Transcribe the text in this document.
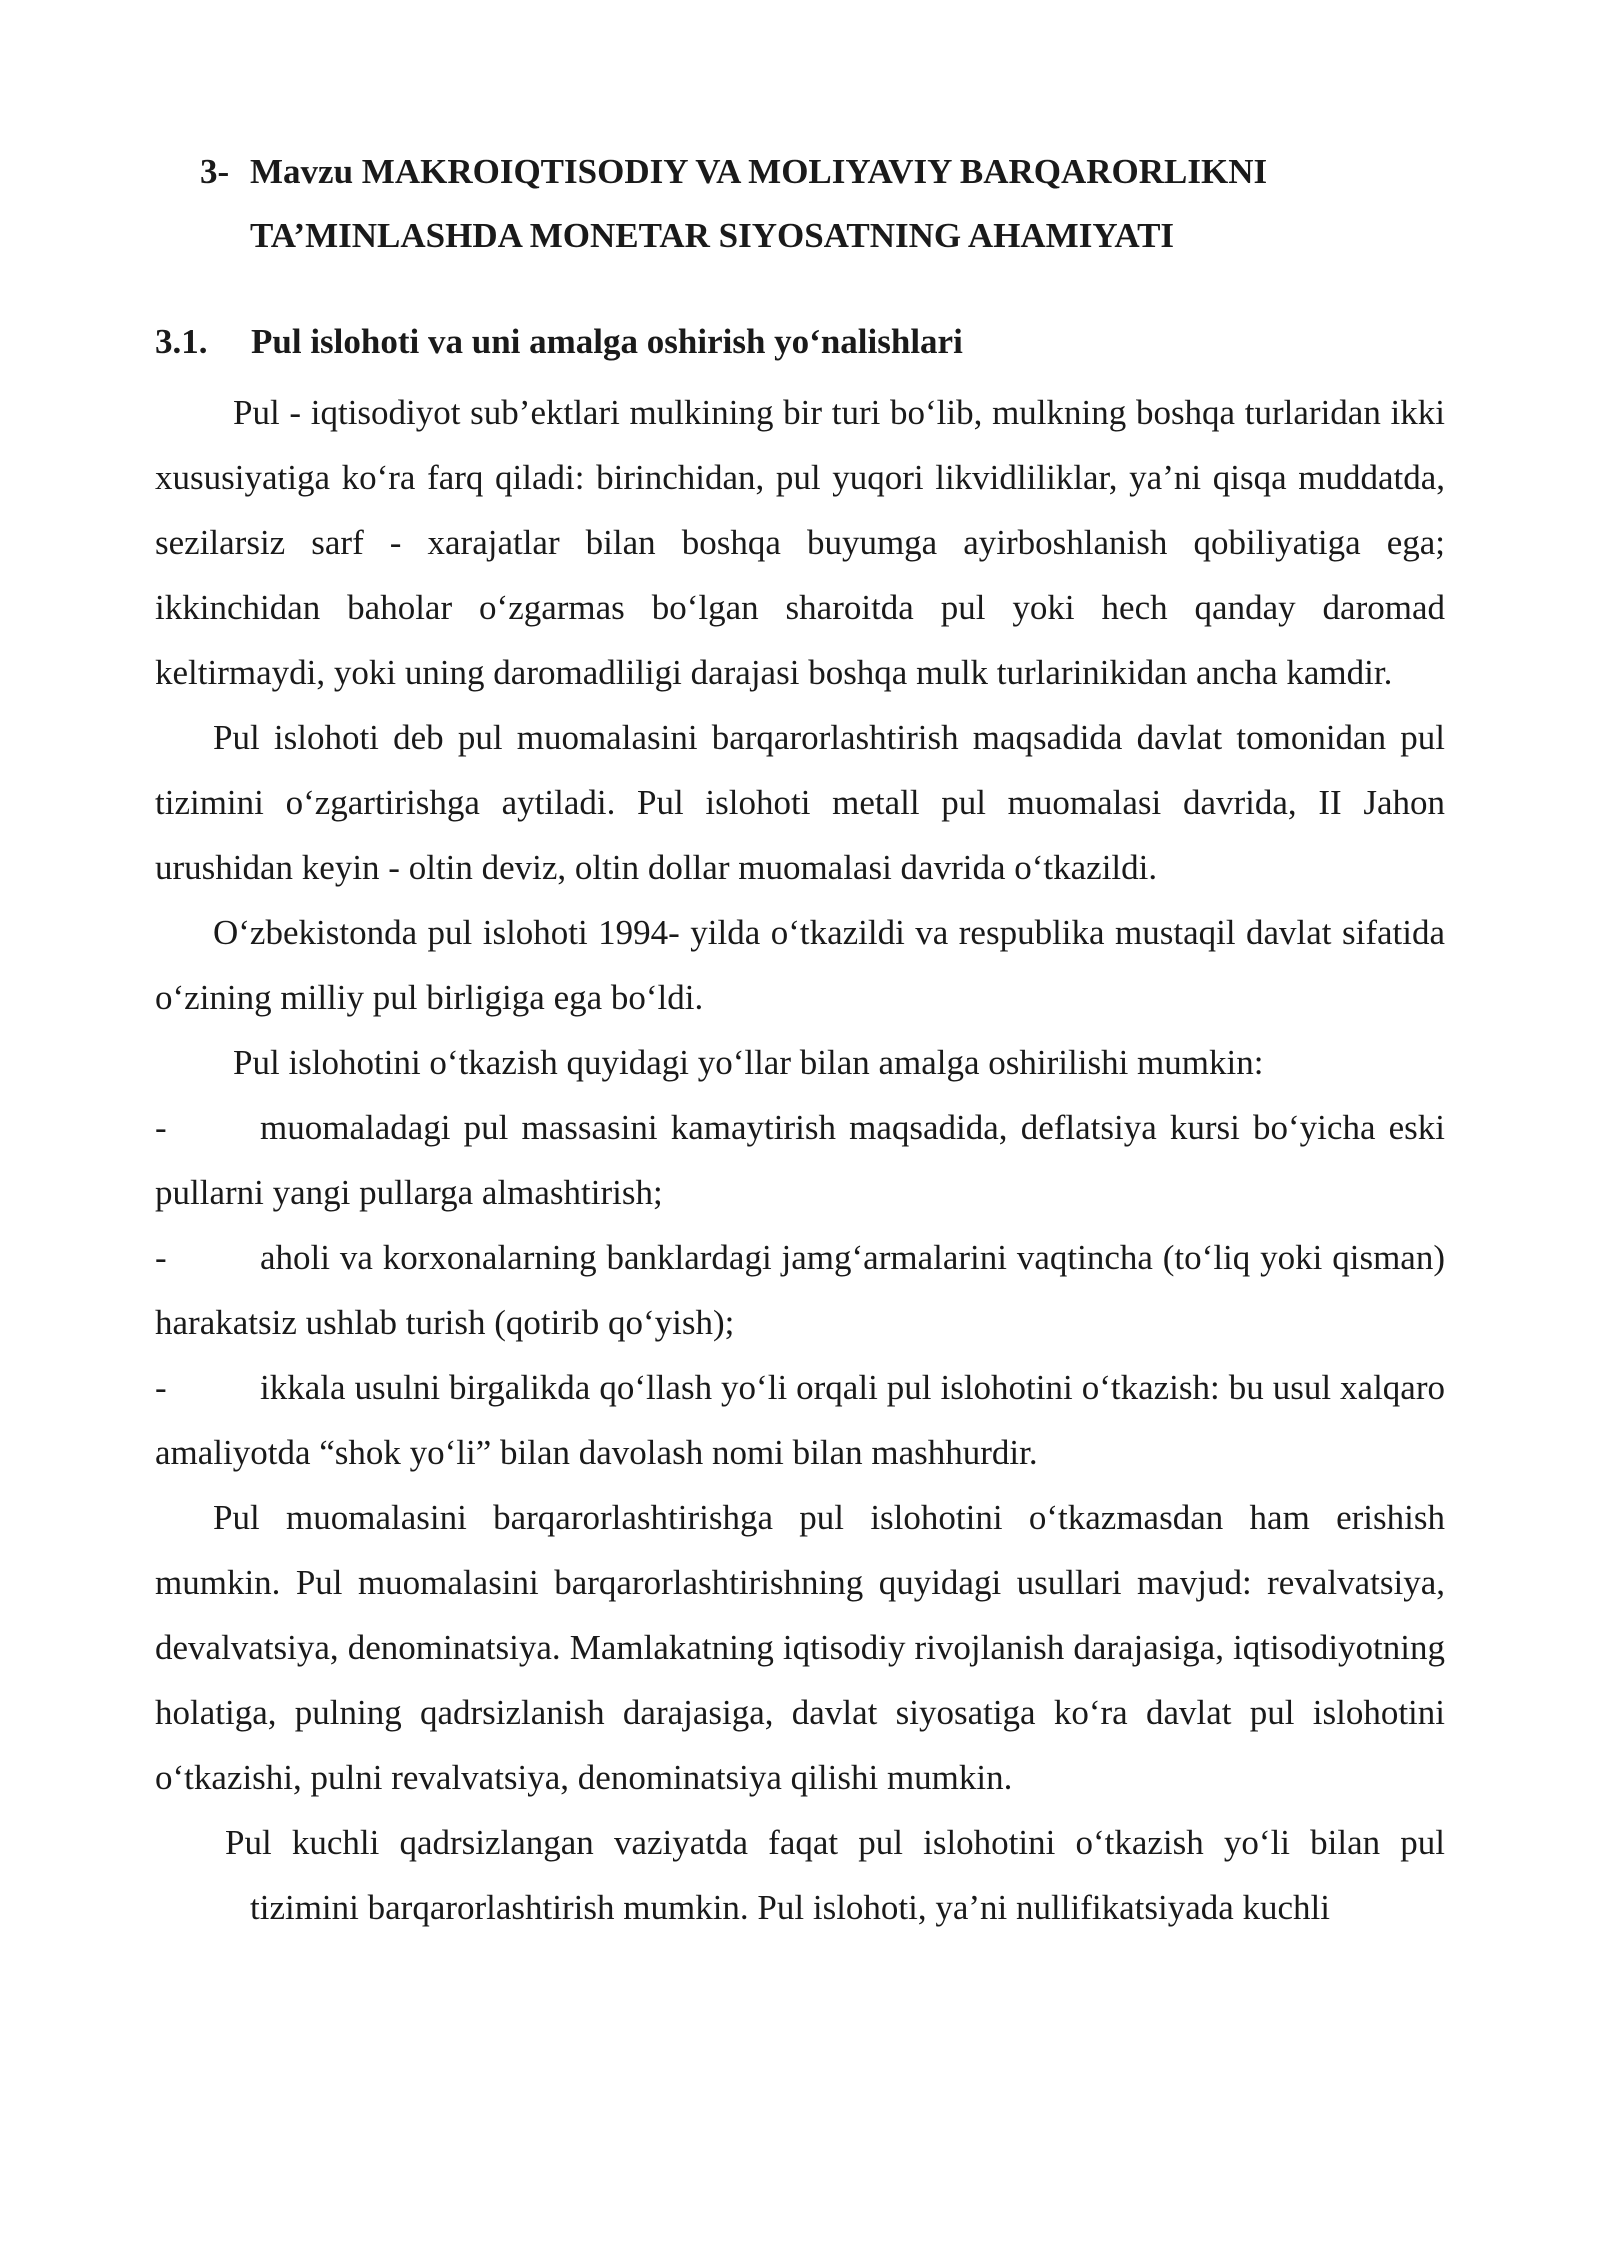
3- Mavzu MAKROIQTISODIY VA MOLIYAVIY BARQARORLIKNI
TA’MINLASHDA MONETAR SIYOSATNING AHAMIYATI
3.1. Pul islohoti va uni amalga oshirish yo‘nalishlari

Pul - iqtisodiyot sub’ektlari mulkining bir turi bo‘lib, mulkning boshqa turlaridan ikki xususiyatiga ko‘ra farq qiladi: birinchidan, pul yuqori likvidliliklar, ya’ni qisqa muddatda, sezilarsiz sarf - xarajatlar bilan boshqa buyumga ayirboshlanish qobiliyatiga ega; ikkinchidan baholar o‘zgarmas bo‘lgan sharoitda pul yoki hech qanday daromad keltirmaydi, yoki uning daromadliligi darajasi boshqa mulk turlarinikidan ancha kamdir.

Pul islohoti deb pul muomalasini barqarorlashtirish maqsadida davlat tomonidan pul tizimini o‘zgartirishga aytiladi. Pul islohoti metall pul muomalasi davrida, II Jahon urushidan keyin - oltin deviz, oltin dollar muomalasi davrida o‘tkazildi.

O‘zbekistonda pul islohoti 1994- yilda o‘tkazildi va respublika mustaqil davlat sifatida o‘zining milliy pul birligiga ega bo‘ldi.

Pul islohotini o‘tkazish quyidagi yo‘llar bilan amalga oshirilishi mumkin:

-	muomaladagi pul massasini kamaytirish maqsadida, deflatsiya kursi bo‘yicha eski pullarni yangi pullarga almashtirish;

-	aholi va korxonalarning banklardagi jamg‘armalarini vaqtincha (to‘liq yoki qisman) harakatsiz ushlab turish (qotirib qo‘yish);

-	ikkala usulni birgalikda qo‘llash yo‘li orqali pul islohotini o‘tkazish: bu usul xalqaro amaliyotda “shok yo‘li” bilan davolash nomi bilan mashhurdir.

Pul muomalasini barqarorlashtirishga pul islohotini o‘tkazmasdan ham erishish mumkin. Pul muomalasini barqarorlashtirishning quyidagi usullari mavjud: revalvatsiya, devalvatsiya, denominatsiya. Mamlakatning iqtisodiy rivojlanish darajasiga, iqtisodiyotning holatiga, pulning qadrsizlanish darajasiga, davlat siyosatiga ko‘ra davlat pul islohotini o‘tkazishi, pulni revalvatsiya, denominatsiya qilishi mumkin.

Pul kuchli qadrsizlangan vaziyatda faqat pul islohotini o‘tkazish yo‘li bilan pul tizimini barqarorlashtirish mumkin. Pul islohoti, ya’ni nullifikatsiyada kuchli
